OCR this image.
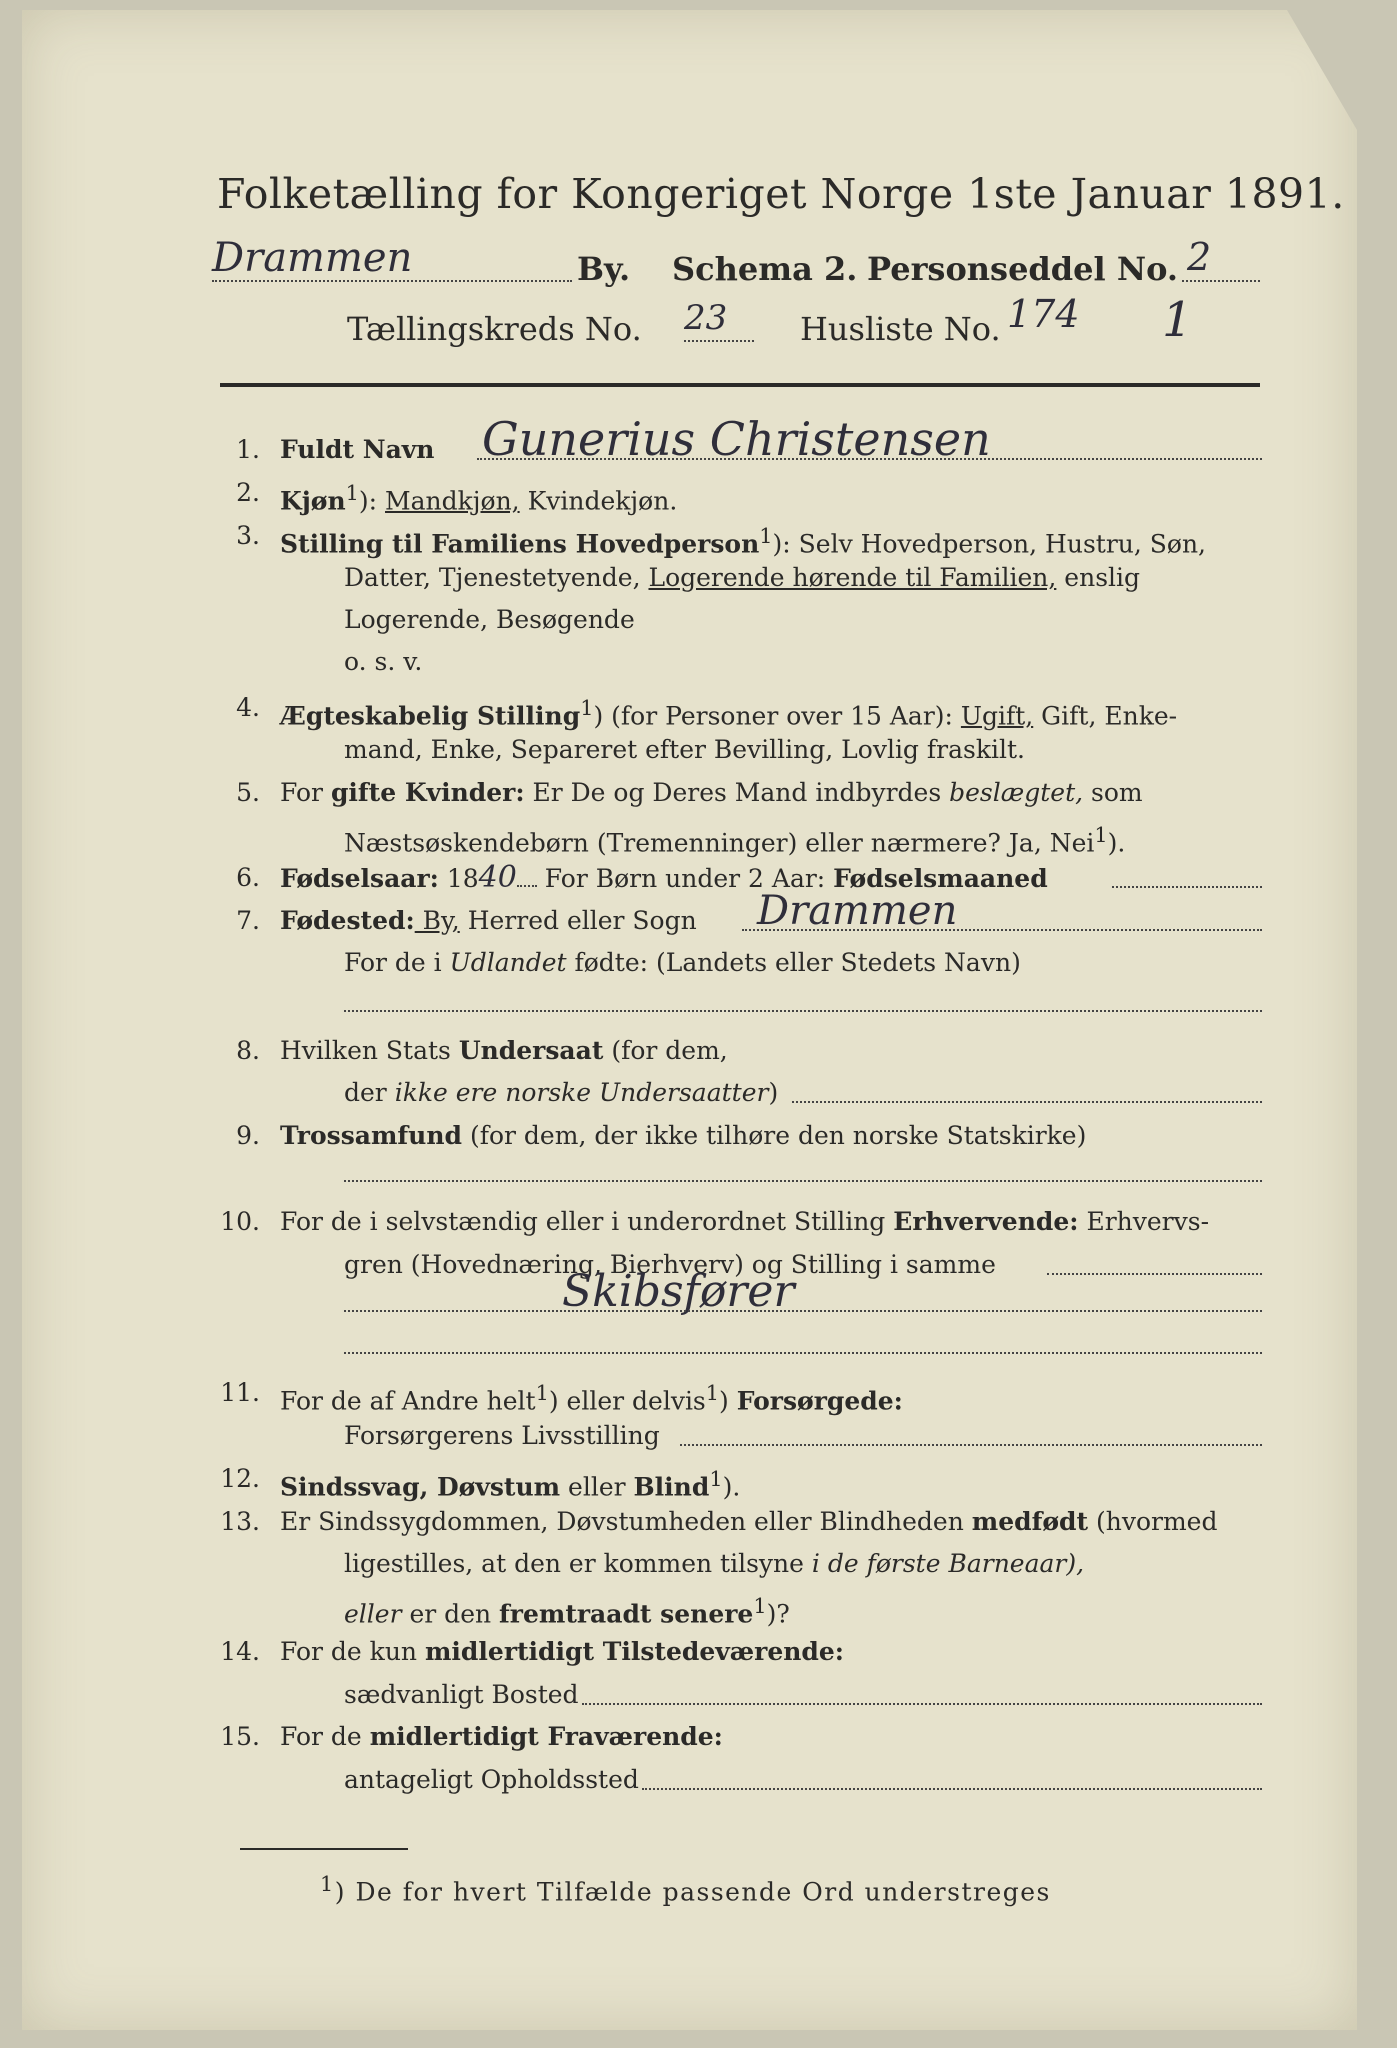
Folketælling for Kongeriget Norge 1ste Januar 1891.
Drammen	By. Schema 2. Personseddel No. 2
Tællingskreds No. 23 Husliste No. 174 1
1. Fuldt Navn Gunerius Christensen
2. Kjøn$^1$): Mandkjøn, Kvindekjøn.
3. Stilling til Familiens Hovedperson$^1$): Selv Hovedperson, Hustru, Søn,
Datter, Tjenestetyende, Logerende hørende til Familien, enslig
Logerende, Besøgende
o. s. v.
4. Ægteskabelig Stilling$^1$) (for Personer over 15 Aar): Ugift, Gift, Enke-
mand, Enke, Separeret efter Bevilling, Lovlig fraskilt.
5. For gifte Kvinder: Er De og Deres Mand indbyrdes beslægtet, som
Næstsøskendebørn (Tremenninger) eller nærmere? Ja, Nei$^1$).
6. Fødselsaar: 1840 For Børn under 2 Aar: Fødselsmaaned
7. Fødested: By, Herred eller Sogn Drammen
For de i Udlandet fødte: (Landets eller Stedets Navn)
8. Hvilken Stats Undersaat (for dem,
der ikke ere norske Undersaatter)
9. Trossamfund (for dem, der ikke tilhøre den norske Statskirke)
10. For de i selvstændig eller i underordnet Stilling Erhvervende: Erhvervs-
gren (Hovednæring, Bierhverv) og Stilling i samme
Skibsfører
11. For de af Andre helt$^1$) eller delvis$^1$) Forsørgede:
Forsørgerens Livsstilling
12. Sindssvag, Døvstum eller Blind$^1$).
13. Er Sindssygdommen, Døvstumheden eller Blindheden medfødt (hvormed
ligestilles, at den er kommen tilsyne i de første Barneaar),
eller er den fremtraadt senere$^1$)?
14. For de kun midlertidigt Tilstedeværende:
sædvanligt Bosted
15. For de midlertidigt Fraværende:
antageligt Opholdssted
$^1$) De for hvert Tilfælde passende Ord understreges
